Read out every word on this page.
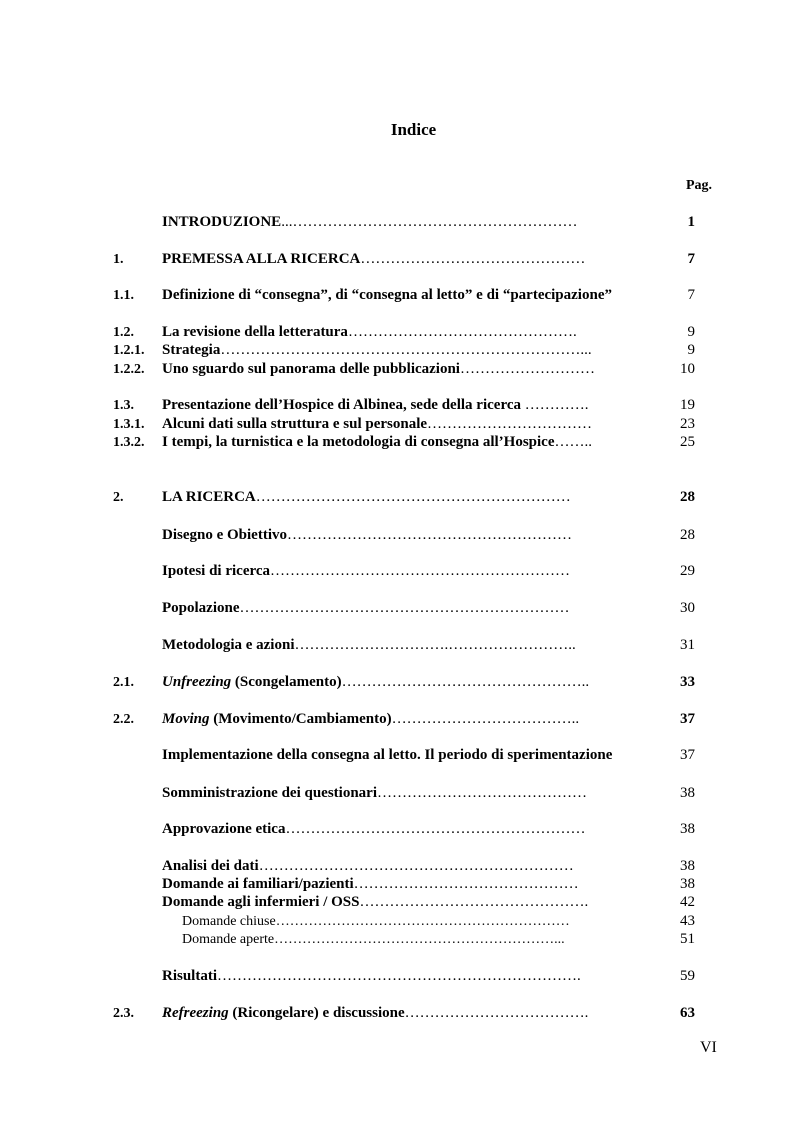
Indice
Pag.
INTRODUZIONE...…………………………………………………	1
1.	PREMESSA ALLA RICERCA………………………………………	7
1.1. Definizione di “consegna”, di “consegna al letto” e di “partecipazione”	7
1.2. La revisione della letteratura……………………………………….	9
1.2.1. Strategia………………………………………………………………...	9
1.2.2. Uno sguardo sul panorama delle pubblicazioni………………………	10
1.3. Presentazione dell’Hospice di Albinea, sede della ricerca ………….	19
1.3.1. Alcuni dati sulla struttura e sul personale……………………………	23
1.3.2. I tempi, la turnistica e la metodologia di consegna all’Hospice……..	25
2.	LA RICERCA………………………………………………………	28
Disegno e Obiettivo…………………………………………………	28
Ipotesi di ricerca……………………………………………………	29
Popolazione…………………………………………………………	30
Metodologia e azioni………………………….……………………..	31
2.1. Unfreezing (Scongelamento)…………………………………………..	33
2.2. Moving (Movimento/Cambiamento)………………………………..	37
Implementazione della consegna al letto. Il periodo di sperimentazione	37
Somministrazione dei questionari……………………………………	38
Approvazione etica……………………………………………………	38
Analisi dei dati………………………………………………………	38
Domande ai familiari/pazienti………………………………………	38
Domande agli infermieri / OSS……………………………………….	42
Domande chiuse………………………………………………………	43
Domande aperte……………………………………………………...	51
Risultati……………………………………………………………….	59
2.3. Refreezing (Ricongelare) e discussione……………………………….	63
VI
